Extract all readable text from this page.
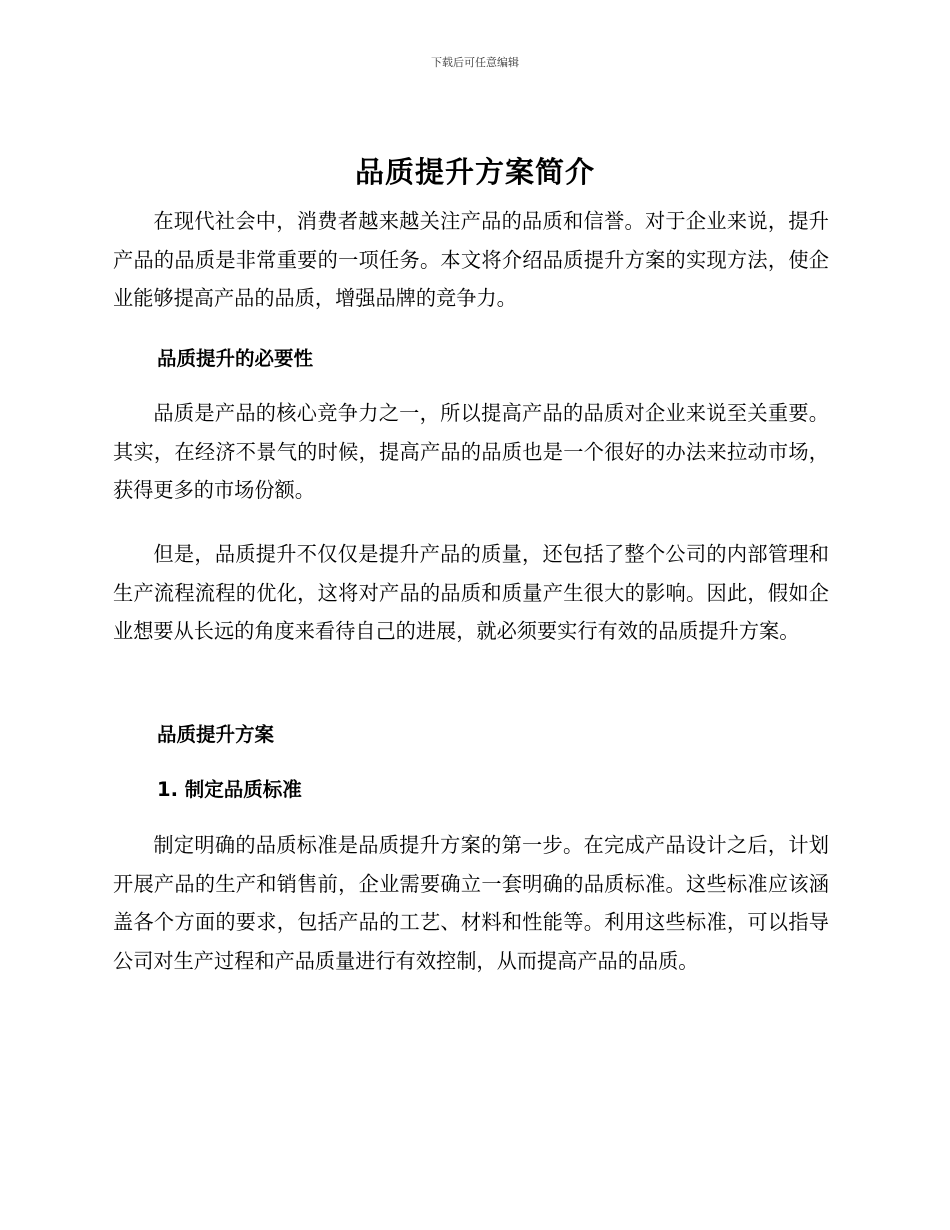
下载后可任意编辑
品质提升方案简介

在现代社会中，消费者越来越关注产品的品质和信誉。对于企业来说，提升产品的品质是非常重要的一项任务。本文将介绍品质提升方案的实现方法，使企业能够提高产品的品质，增强品牌的竞争力。

品质提升的必要性

品质是产品的核心竞争力之一，所以提高产品的品质对企业来说至关重要。其实，在经济不景气的时候，提高产品的品质也是一个很好的办法来拉动市场，获得更多的市场份额。

但是，品质提升不仅仅是提升产品的质量，还包括了整个公司的内部管理和生产流程流程的优化，这将对产品的品质和质量产生很大的影响。因此，假如企业想要从长远的角度来看待自己的进展，就必须要实行有效的品质提升方案。

品质提升方案
1. 制定品质标准

制定明确的品质标准是品质提升方案的第一步。在完成产品设计之后，计划开展产品的生产和销售前，企业需要确立一套明确的品质标准。这些标准应该涵盖各个方面的要求，包括产品的工艺、材料和性能等。利用这些标准，可以指导公司对生产过程和产品质量进行有效控制，从而提高产品的品质。
